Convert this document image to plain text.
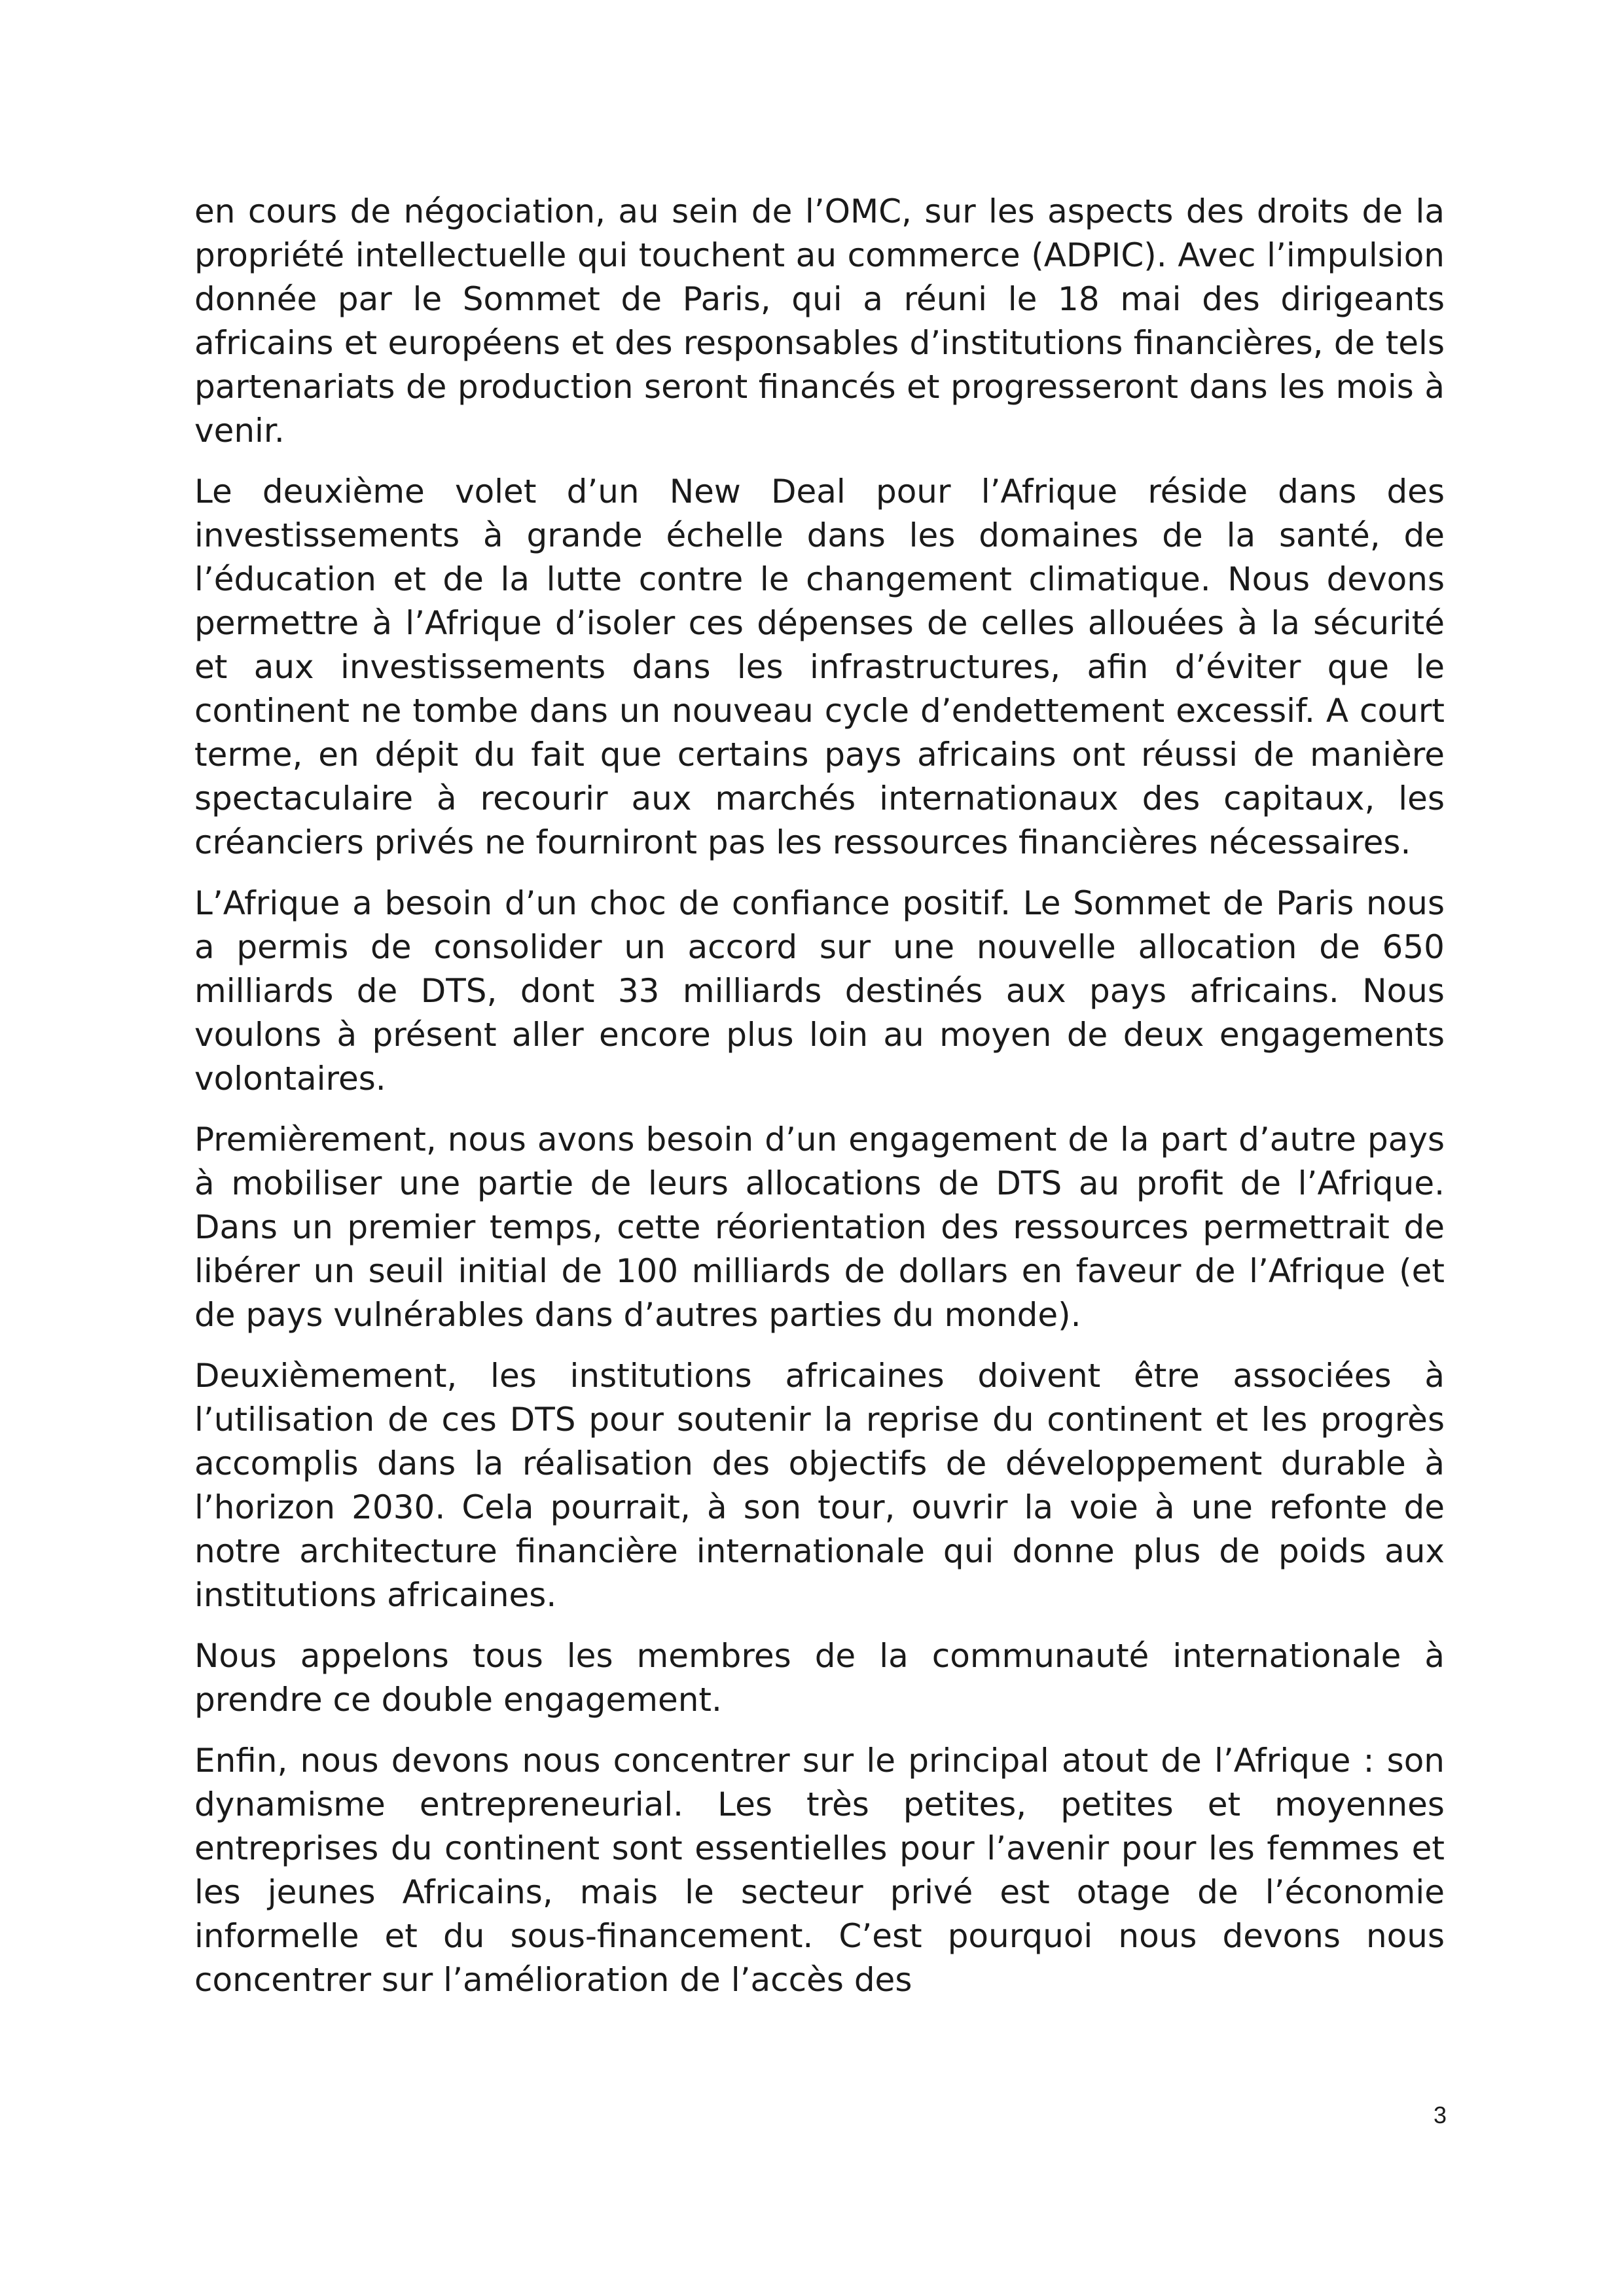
en cours de négociation, au sein de l’OMC, sur les aspects des droits de la propriété intellectuelle qui touchent au commerce (ADPIC). Avec l’impulsion donnée par le Sommet de Paris, qui a réuni le 18 mai des dirigeants africains et européens et des responsables d’institutions financières, de tels partenariats de production seront financés et progresseront dans les mois à venir.

Le deuxième volet d’un New Deal pour l’Afrique réside dans des investissements à grande échelle dans les domaines de la santé, de l’éducation et de la lutte contre le changement climatique. Nous devons permettre à l’Afrique d’isoler ces dépenses de celles allouées à la sécurité et aux investissements dans les infrastructures, afin d’éviter que le continent ne tombe dans un nouveau cycle d’endettement excessif. A court terme, en dépit du fait que certains pays africains ont réussi de manière spectaculaire à recourir aux marchés internationaux des capitaux, les créanciers privés ne fourniront pas les ressources financières nécessaires.

L’Afrique a besoin d’un choc de confiance positif. Le Sommet de Paris nous a permis de consolider un accord sur une nouvelle allocation de 650 milliards de DTS, dont 33 milliards destinés aux pays africains. Nous voulons à présent aller encore plus loin au moyen de deux engagements volontaires.

Premièrement, nous avons besoin d’un engagement de la part d’autre pays à mobiliser une partie de leurs allocations de DTS au profit de l’Afrique. Dans un premier temps, cette réorientation des ressources permettrait de libérer un seuil initial de 100 milliards de dollars en faveur de l’Afrique (et de pays vulnérables dans d’autres parties du monde).

Deuxièmement, les institutions africaines doivent être associées à l’utilisation de ces DTS pour soutenir la reprise du continent et les progrès accomplis dans la réalisation des objectifs de développement durable à l’horizon 2030. Cela pourrait, à son tour, ouvrir la voie à une refonte de notre architecture financière internationale qui donne plus de poids aux institutions africaines.

Nous appelons tous les membres de la communauté internationale à prendre ce double engagement.

Enfin, nous devons nous concentrer sur le principal atout de l’Afrique : son dynamisme entrepreneurial. Les très petites, petites et moyennes entreprises du continent sont essentielles pour l’avenir pour les femmes et les jeunes Africains, mais le secteur privé est otage de l’économie informelle et du sous-financement. C’est pourquoi nous devons nous concentrer sur l’amélioration de l’accès des

3
